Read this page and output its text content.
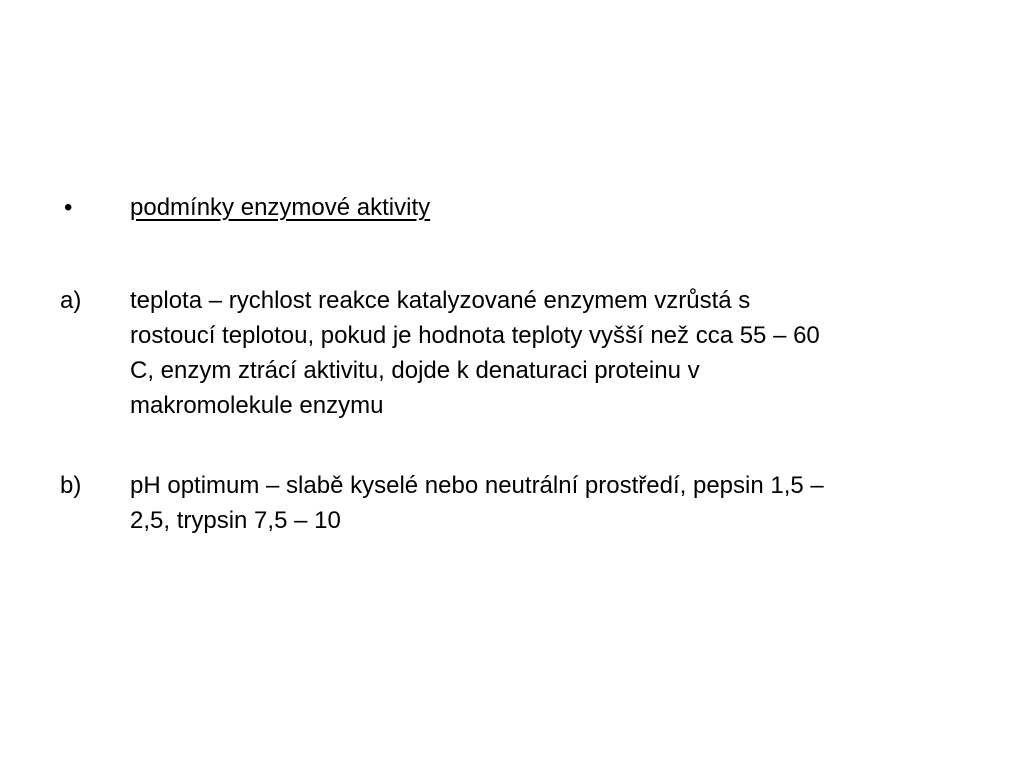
•	podmínky enzymové aktivity
a)	teplota – rychlost reakce katalyzované enzymem vzrůstá s
rostoucí teplotou, pokud je hodnota teploty vyšší než cca 55 – 60
C, enzym ztrácí aktivitu, dojde k denaturaci proteinu v
makromolekule enzymu
b)	pH optimum – slabě kyselé nebo neutrální prostředí, pepsin 1,5 –
2,5, trypsin 7,5 – 10
